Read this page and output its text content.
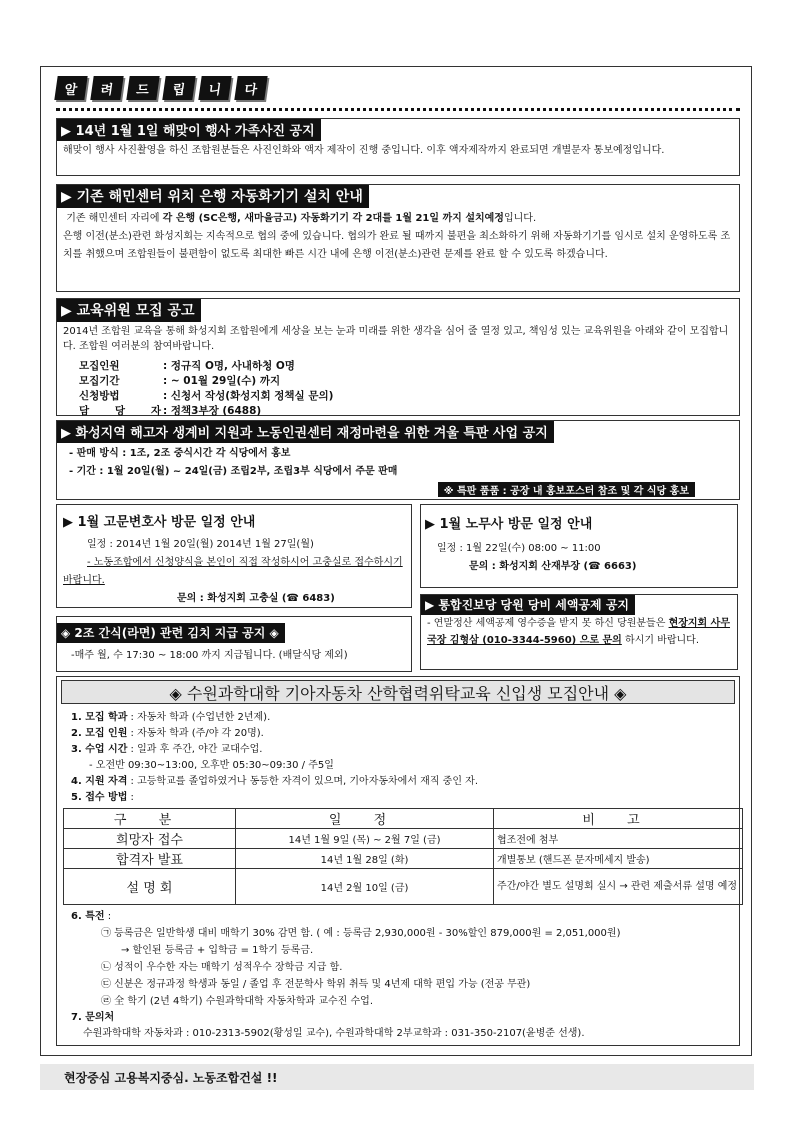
알	려	드	립	니	다
▶ 14년 1월 1일 해맞이 행사 가족사진 공지
해맞이 행사 사진촬영을 하신 조합원분들은 사진인화와 액자 제작이 진행 중입니다. 이후 액자제작까지 완료되면 개별문자 통보예정입니다.
▶ 기존 해민센터 위치 은행 자동화기기 설치 안내

기존 해민센터 자리에 각 은행 (SC은행, 새마을금고) 자동화기기 각 2대를 1월 21일 까지 설치예정입니다.

은행 이전(분소)관련 화성지회는 지속적으로 협의 중에 있습니다. 협의가 완료 될 때까지 불편을 최소화하기 위해 자동화기기를 임시로 설치 운영하도록 조치를 취했으며 조합원들이 불편함이 없도록 최대한 빠른 시간 내에 은행 이전(분소)관련 문제를 완료 할 수 있도록 하겠습니다.

▶ 교육위원 모집 공고
2014년 조합원 교육을 통해 화성지회 조합원에게 세상을 보는 눈과 미래를 위한 생각을 심어 줄 열정 있고, 책임성 있는 교육위원을 아래와 같이 모집합니다. 조합원 여러분의 참여바랍니다.
모집인원	: 정규직 O명, 사내하청 O명
모집기간	: ~ 01월 29일(수) 까지
신청방법	: 신청서 작성(화성지회 정책실 문의)
담 당 자 : 정책3부장 (6488)
▶ 화성지역 해고자 생계비 지원과 노동인권센터 재정마련을 위한 겨울 특판 사업 공지

- 판매 방식 : 1조, 2조 중식시간 각 식당에서 홍보

- 기간 : 1월 20일(월) ~ 24일(금) 조립2부, 조립3부 식당에서 주문 판매

※ 특판 품품 : 공장 내 홍보포스터 참조 및 각 식당 홍보
▶ 1월 고문변호사 방문 일정 안내
일정 : 2014년 1월 20일(월) 2014년 1월 27일(월)
- 노동조합에서 신청양식을 본인이 직접 작성하시어 고충실로 접수하시기 바랍니다.
문의 : 화성지회 고충실 (☎ 6483)
▶ 1월 노무사 방문 일정 안내
일정 : 1월 22일(수) 08:00 ~ 11:00
문의 : 화성지회 산재부장 (☎ 6663)
▶ 통합진보당 당원 당비 세액공제 공지
- 연말정산 세액공제 영수증을 받지 못 하신 당원분들은 현장지회 사무국장 김형삼 (010-3344-5960) 으로 문의 하시기 바랍니다.
◈ 2조 간식(라면) 관련 김치 지급 공지 ◈
-매주 월, 수 17:30 ~ 18:00 까지 지급됩니다. (배달식당 제외)
◈ 수원과학대학 기아자동차 산학협력위탁교육 신입생 모집안내 ◈
1. 모집 학과 : 자동차 학과 (수업년한 2년제).
2. 모집 인원 : 자동차 학과 (주/야 각 20명).
3. 수업 시간 : 일과 후 주간, 야간 교대수업.
- 오전반 09:30~13:00, 오후반 05:30~09:30 / 주5일
4. 지원 자격 : 고등학교를 졸업하였거나 동등한 자격이 있으며, 기아자동차에서 재직 중인 자.
5. 접수 방법 :
구 분	일 정	비 고
희망자 접수	14년 1월 9일 (목) ~ 2월 7일 (금)	협조전에 첨부
합격자 발표	14년 1월 28일 (화)	개별통보 (핸드폰 문자메세지 발송)
설 명 회	14년 2월 10일 (금)	주간/야간 별도 설명회 실시 → 관련 제출서류 설명 예정
6. 특전 :
㉠ 등록금은 일반학생 대비 매학기 30% 감면 함. ( 예 : 등록금 2,930,000원 - 30%할인 879,000원 = 2,051,000원)
→ 할인된 등록금 + 입학금 = 1학기 등록금.
㉡ 성적이 우수한 자는 매학기 성적우수 장학금 지급 함.
㉢ 신분은 정규과정 학생과 동일 / 졸업 후 전문학사 학위 취득 및 4년제 대학 편입 가능 (전공 무관)
㉣ 全 학기 (2년 4학기) 수원과학대학 자동차학과 교수진 수업.
7. 문의처
수원과학대학 자동차과 : 010-2313-5902(황성일 교수), 수원과학대학 2부교학과 : 031-350-2107(윤병준 선생).
현장중심 고용복지중심. 노동조합건설 !!
